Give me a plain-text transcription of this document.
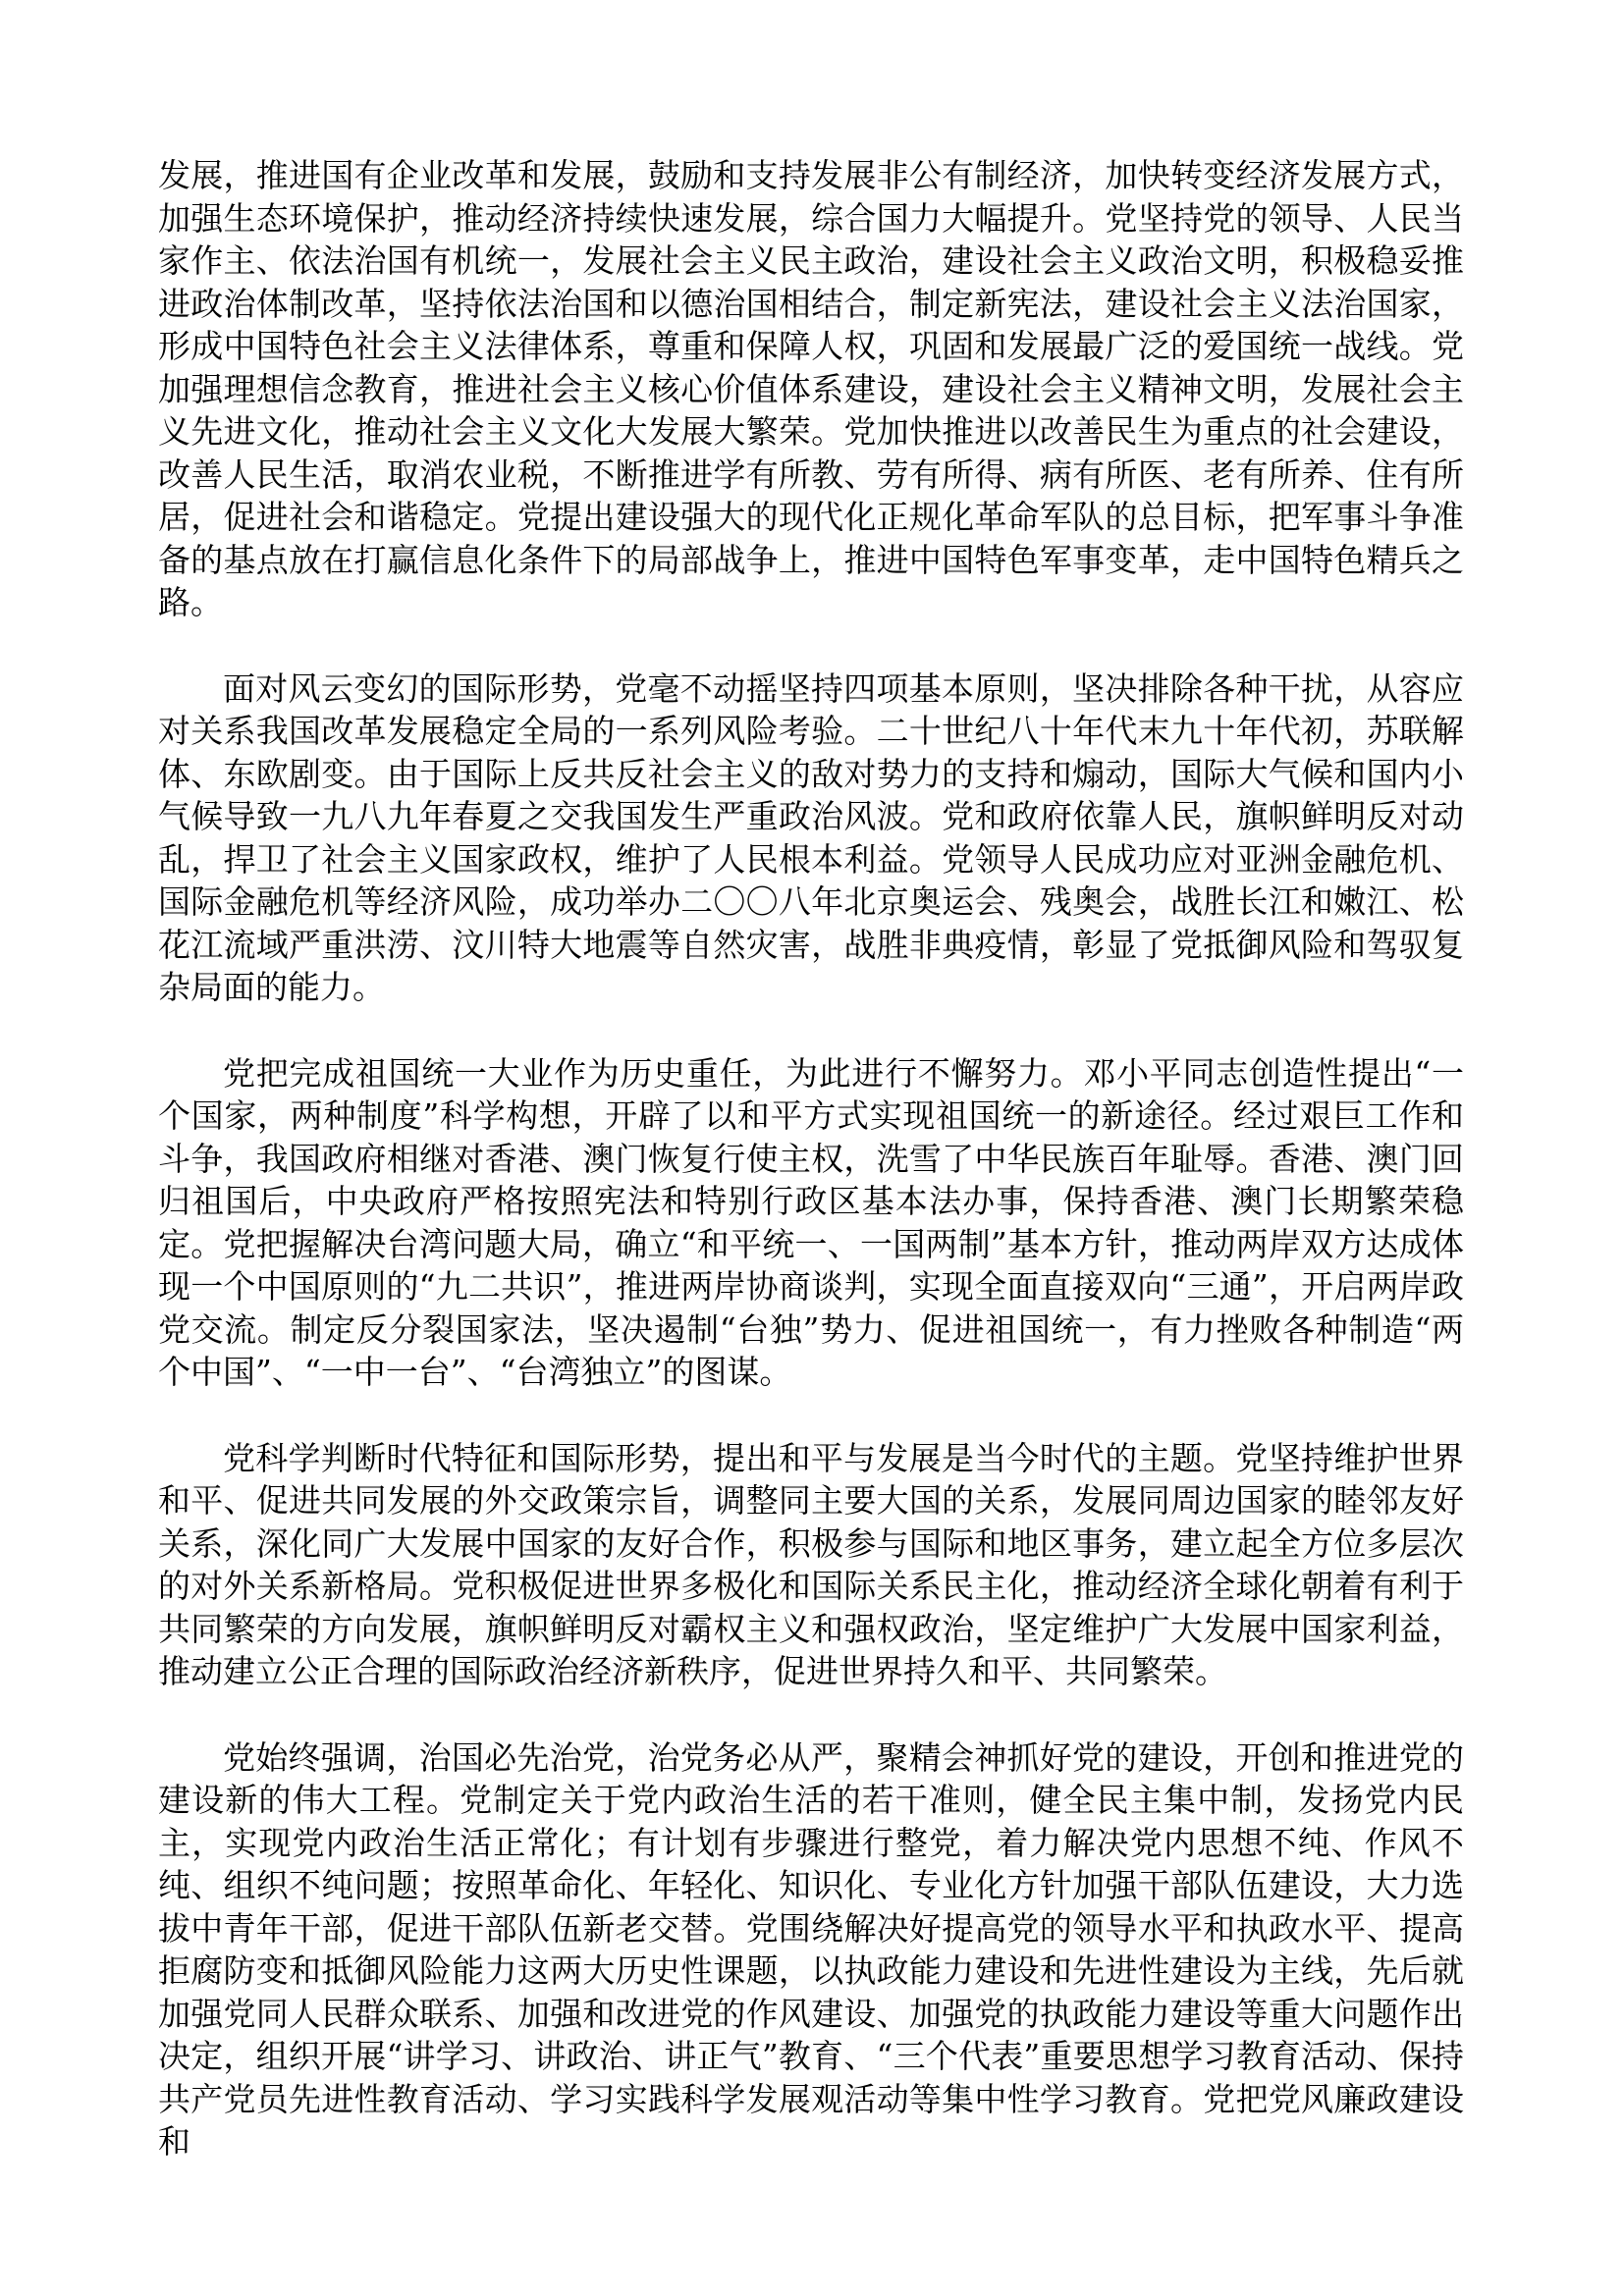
发展，推进国有企业改革和发展，鼓励和支持发展非公有制经济，加快转变经济发展方式，加强生态环境保护，推动经济持续快速发展，综合国力大幅提升。党坚持党的领导、人民当家作主、依法治国有机统一，发展社会主义民主政治，建设社会主义政治文明，积极稳妥推进政治体制改革，坚持依法治国和以德治国相结合，制定新宪法，建设社会主义法治国家，形成中国特色社会主义法律体系，尊重和保障人权，巩固和发展最广泛的爱国统一战线。党加强理想信念教育，推进社会主义核心价值体系建设，建设社会主义精神文明，发展社会主义先进文化，推动社会主义文化大发展大繁荣。党加快推进以改善民生为重点的社会建设，改善人民生活，取消农业税，不断推进学有所教、劳有所得、病有所医、老有所养、住有所居，促进社会和谐稳定。党提出建设强大的现代化正规化革命军队的总目标，把军事斗争准备的基点放在打赢信息化条件下的局部战争上，推进中国特色军事变革，走中国特色精兵之路。

面对风云变幻的国际形势，党毫不动摇坚持四项基本原则，坚决排除各种干扰，从容应对关系我国改革发展稳定全局的一系列风险考验。二十世纪八十年代末九十年代初，苏联解体、东欧剧变。由于国际上反共反社会主义的敌对势力的支持和煽动，国际大气候和国内小气候导致一九八九年春夏之交我国发生严重政治风波。党和政府依靠人民，旗帜鲜明反对动乱，捍卫了社会主义国家政权，维护了人民根本利益。党领导人民成功应对亚洲金融危机、国际金融危机等经济风险，成功举办二〇〇八年北京奥运会、残奥会，战胜长江和嫩江、松花江流域严重洪涝、汶川特大地震等自然灾害，战胜非典疫情，彰显了党抵御风险和驾驭复杂局面的能力。

党把完成祖国统一大业作为历史重任，为此进行不懈努力。邓小平同志创造性提出“一个国家，两种制度”科学构想，开辟了以和平方式实现祖国统一的新途径。经过艰巨工作和斗争，我国政府相继对香港、澳门恢复行使主权，洗雪了中华民族百年耻辱。香港、澳门回归祖国后，中央政府严格按照宪法和特别行政区基本法办事，保持香港、澳门长期繁荣稳定。党把握解决台湾问题大局，确立“和平统一、一国两制”基本方针，推动两岸双方达成体现一个中国原则的“九二共识”，推进两岸协商谈判，实现全面直接双向“三通”，开启两岸政党交流。制定反分裂国家法，坚决遏制“台独”势力、促进祖国统一，有力挫败各种制造“两个中国”、“一中一台”、“台湾独立”的图谋。

党科学判断时代特征和国际形势，提出和平与发展是当今时代的主题。党坚持维护世界和平、促进共同发展的外交政策宗旨，调整同主要大国的关系，发展同周边国家的睦邻友好关系，深化同广大发展中国家的友好合作，积极参与国际和地区事务，建立起全方位多层次的对外关系新格局。党积极促进世界多极化和国际关系民主化，推动经济全球化朝着有利于共同繁荣的方向发展，旗帜鲜明反对霸权主义和强权政治，坚定维护广大发展中国家利益，推动建立公正合理的国际政治经济新秩序，促进世界持久和平、共同繁荣。

党始终强调，治国必先治党，治党务必从严，聚精会神抓好党的建设，开创和推进党的建设新的伟大工程。党制定关于党内政治生活的若干准则，健全民主集中制，发扬党内民主，实现党内政治生活正常化；有计划有步骤进行整党，着力解决党内思想不纯、作风不纯、组织不纯问题；按照革命化、年轻化、知识化、专业化方针加强干部队伍建设，大力选拔中青年干部，促进干部队伍新老交替。党围绕解决好提高党的领导水平和执政水平、提高拒腐防变和抵御风险能力这两大历史性课题，以执政能力建设和先进性建设为主线，先后就加强党同人民群众联系、加强和改进党的作风建设、加强党的执政能力建设等重大问题作出决定，组织开展“讲学习、讲政治、讲正气”教育、“三个代表”重要思想学习教育活动、保持共产党员先进性教育活动、学习实践科学发展观活动等集中性学习教育。党把党风廉政建设和
